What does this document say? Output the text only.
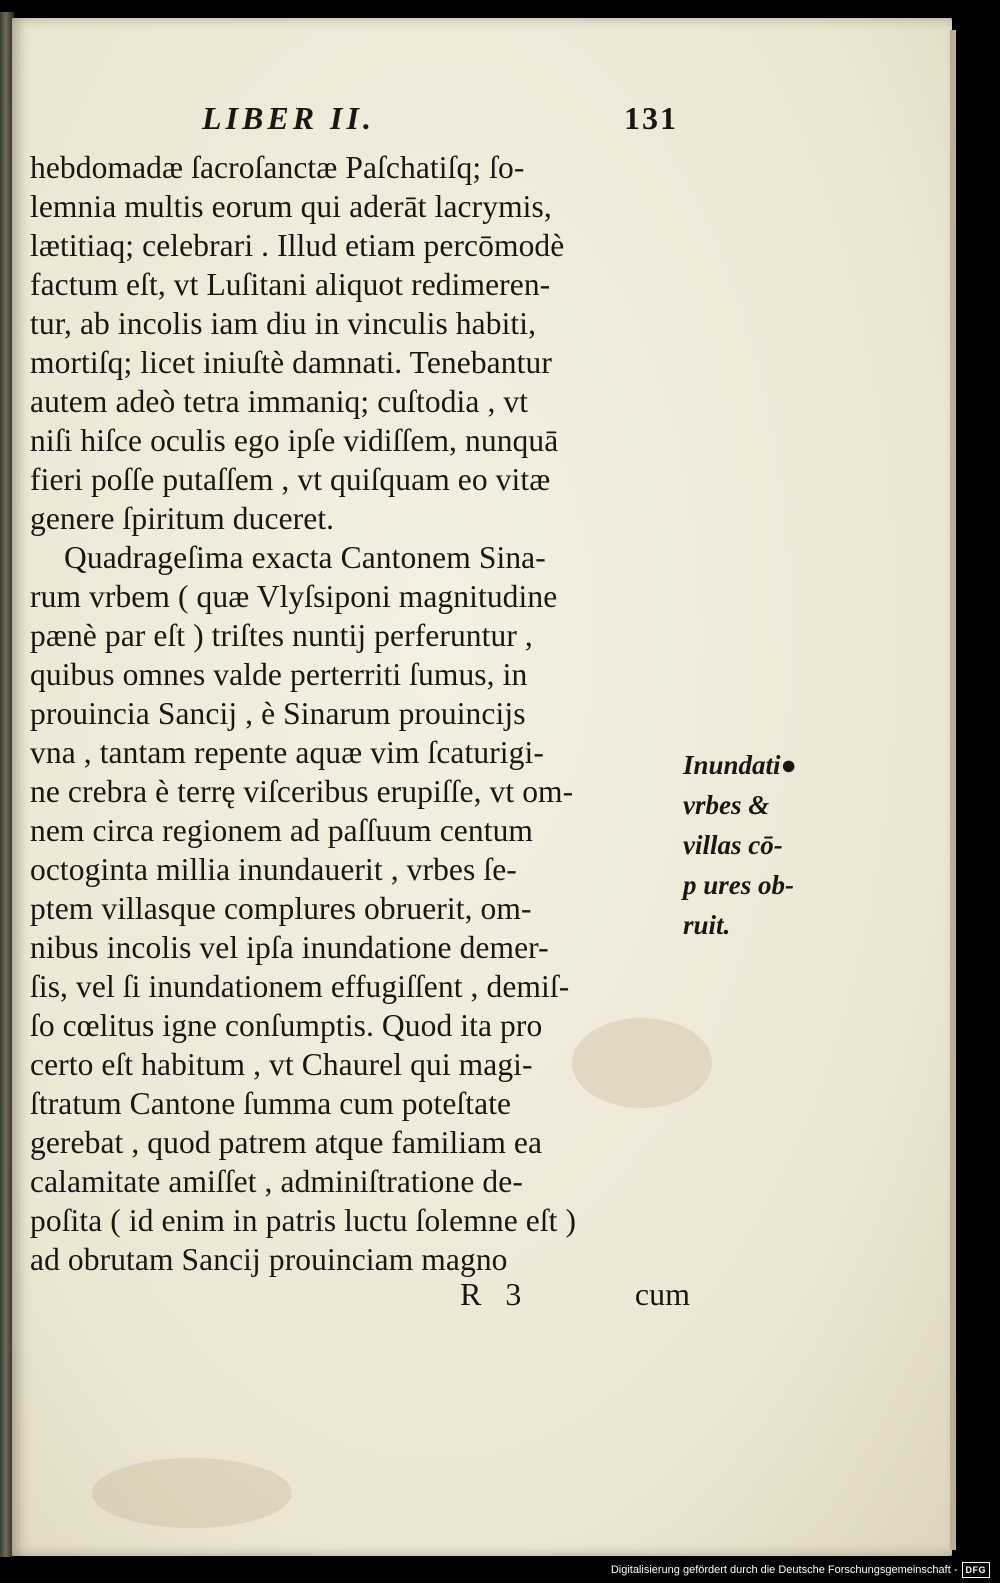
LIBER II.	131
hebdomadæ ſacroſanctæ Paſchatiſq; ſo-
lemnia multis eorum qui aderāt lacrymis,
lætitiaq; celebrari . Illud etiam percōmodè
factum eſt, vt Luſitani aliquot redimeren-
tur, ab incolis iam diu in vinculis habiti,
mortiſq; licet iniuſtè damnati. Tenebantur
autem adeò tetra immaniq; cuſtodia , vt
niſi hiſce oculis ego ipſe vidiſſem, nunquā
fieri poſſe putaſſem , vt quiſquam eo vitæ
genere ſpiritum duceret.
Quadrageſima exacta Cantonem Sina-
rum vrbem ( quæ Vlyſsiponi magnitudine
pænè par eſt ) triſtes nuntij perferuntur ,
quibus omnes valde perterriti ſumus, in
prouincia Sancij , è Sinarum prouincijs
vna , tantam repente aquæ vim ſcaturigi-
ne crebra è terrę viſceribus erupiſſe, vt om-
nem circa regionem ad paſſuum centum
octoginta millia inundauerit , vrbes ſe-
ptem villasque complures obruerit, om-
nibus incolis vel ipſa inundatione demer-
ſis, vel ſi inundationem effugiſſent , demiſ-
ſo cœlitus igne conſumptis. Quod ita pro
certo eſt habitum , vt Chaurel qui magi-
ſtratum Cantone ſumma cum poteſtate
gerebat , quod patrem atque familiam ea
calamitate amiſſet , adminiſtratione de-
poſita ( id enim in patris luctu ſolemne eſt )
ad obrutam Sancij prouinciam magno
Inundati●
vrbes &
villas cō-
p ures ob-
ruit.
R 3	cum
Digitalisierung gefördert durch die Deutsche Forschungsgemeinschaft - DFG
